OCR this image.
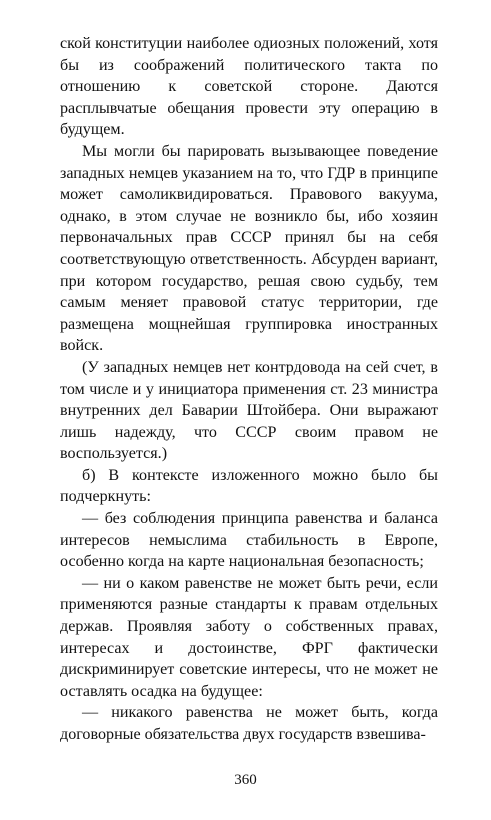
ской конституции наиболее одиозных положений, хотя бы из соображений политического такта по отношению к советской стороне. Даются расплывчатые обещания провести эту операцию в будущем.

Мы могли бы парировать вызывающее поведение западных немцев указанием на то, что ГДР в принципе может самоликвидироваться. Правового вакуума, однако, в этом случае не возникло бы, ибо хозяин первоначальных прав СССР принял бы на себя соответствующую ответственность. Абсурден вариант, при котором государство, решая свою судьбу, тем самым меняет правовой статус территории, где размещена мощнейшая группировка иностранных войск.

(У западных немцев нет контрдовода на сей счет, в том числе и у инициатора применения ст. 23 министра внутренних дел Баварии Штойбера. Они выражают лишь надежду, что СССР своим правом не воспользуется.)

б) В контексте изложенного можно было бы подчеркнуть:

— без соблюдения принципа равенства и баланса интересов немыслима стабильность в Европе, особенно когда на карте национальная безопасность;

— ни о каком равенстве не может быть речи, если применяются разные стандарты к правам отдельных держав. Проявляя заботу о собственных правах, интересах и достоинстве, ФРГ фактически дискриминирует советские интересы, что не может не оставлять осадка на будущее:

— никакого равенства не может быть, когда договорные обязательства двух государств взвешива-

360
